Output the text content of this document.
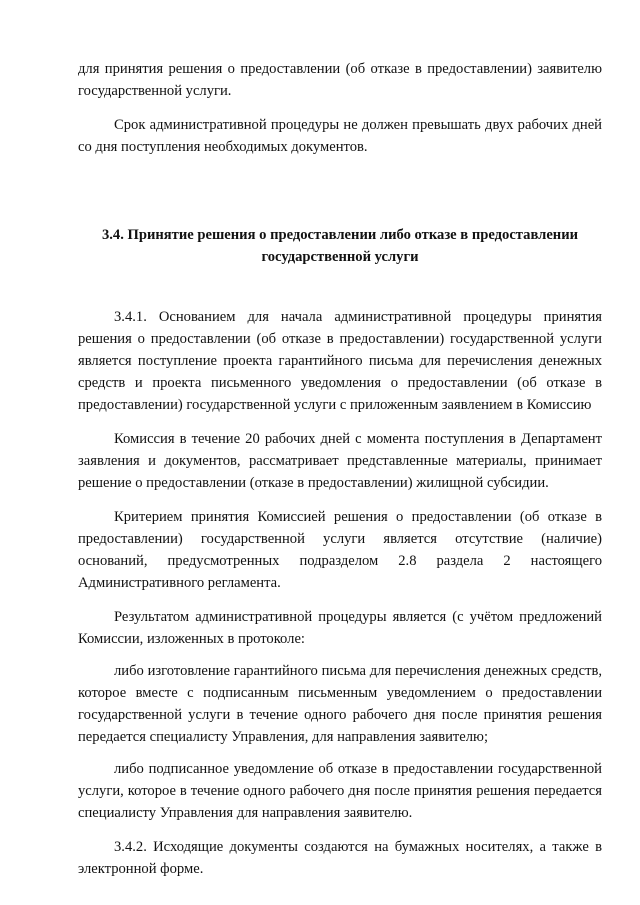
для принятия решения о предоставлении (об отказе в предоставлении) заявителю государственной услуги.

Срок административной процедуры не должен превышать двух рабочих дней со дня поступления необходимых документов.

3.4. Принятие решения о предоставлении либо отказе в предоставлении государственной услуги

3.4.1. Основанием для начала административной процедуры принятия решения о предоставлении (об отказе в предоставлении) государственной услуги является поступление проекта гарантийного письма для перечисления денежных средств и проекта письменного уведомления о предоставлении (об отказе в предоставлении) государственной услуги с приложенным заявлением в Комиссию

Комиссия в течение 20 рабочих дней с момента поступления в Департамент заявления и документов, рассматривает представленные материалы, принимает решение о предоставлении (отказе в предоставлении) жилищной субсидии.

Критерием принятия Комиссией решения о предоставлении (об отказе в предоставлении) государственной услуги является отсутствие (наличие) оснований, предусмотренных подразделом 2.8 раздела 2 настоящего Административного регламента.

Результатом административной процедуры является (с учётом предложений Комиссии, изложенных в протоколе:

либо изготовление гарантийного письма для перечисления денежных средств, которое вместе с подписанным письменным уведомлением о предоставлении государственной услуги в течение одного рабочего дня после принятия решения передается специалисту Управления, для направления заявителю;

либо подписанное уведомление об отказе в предоставлении государственной услуги, которое в течение одного рабочего дня после принятия решения передается специалисту Управления для направления заявителю.

3.4.2. Исходящие документы создаются на бумажных носителях, а также в электронной форме.
